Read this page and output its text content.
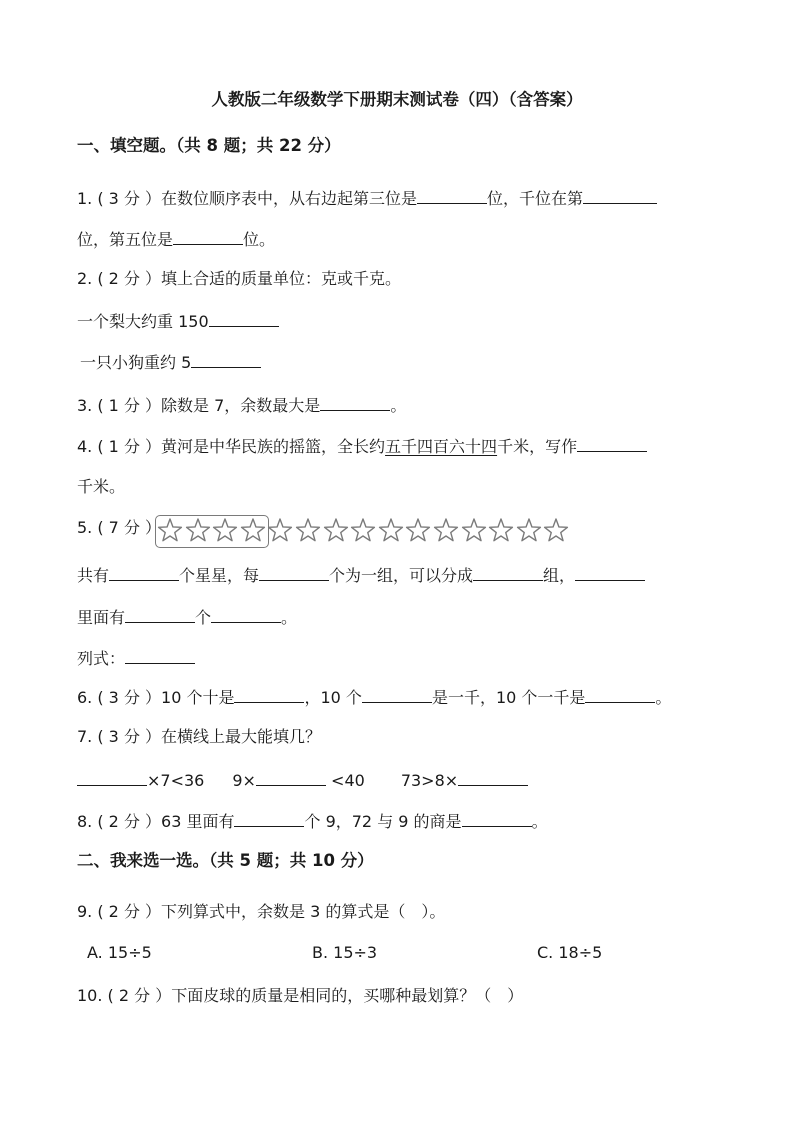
人教版二年级数学下册期末测试卷（四）（含答案）
一、填空题。（共 8 题；共 22 分）
1. ( 3 分 ）在数位顺序表中，从右边起第三位是	位，千位在第
位，第五位是	位。
2. ( 2 分 ）填上合适的质量单位：克或千克。
一个梨大约重 150
一只小狗重约 5
3. ( 1 分 ）除数是 7，余数最大是	。
4. ( 1 分 ）黄河是中华民族的摇篮，全长约五千四百六十四千米，写作
千米。
5. ( 7 分 ）
共有	个星星，每	个为一组，可以分成	组，
里面有	个	。
列式：
6. ( 3 分 ）10 个十是	，10 个	是一千，10 个一千是	。
7. ( 3 分 ）在横线上最大能填几？
×7<36 9×	<40 73>8×
8. ( 2 分 ）63 里面有	个 9，72 与 9 的商是	。
二、我来选一选。（共 5 题；共 10 分）
9. ( 2 分 ）下列算式中，余数是 3 的算式是（　）。
A. 15÷5	B. 15÷3	C. 18÷5
10. ( 2 分 ）下面皮球的质量是相同的，买哪种最划算？（　）
